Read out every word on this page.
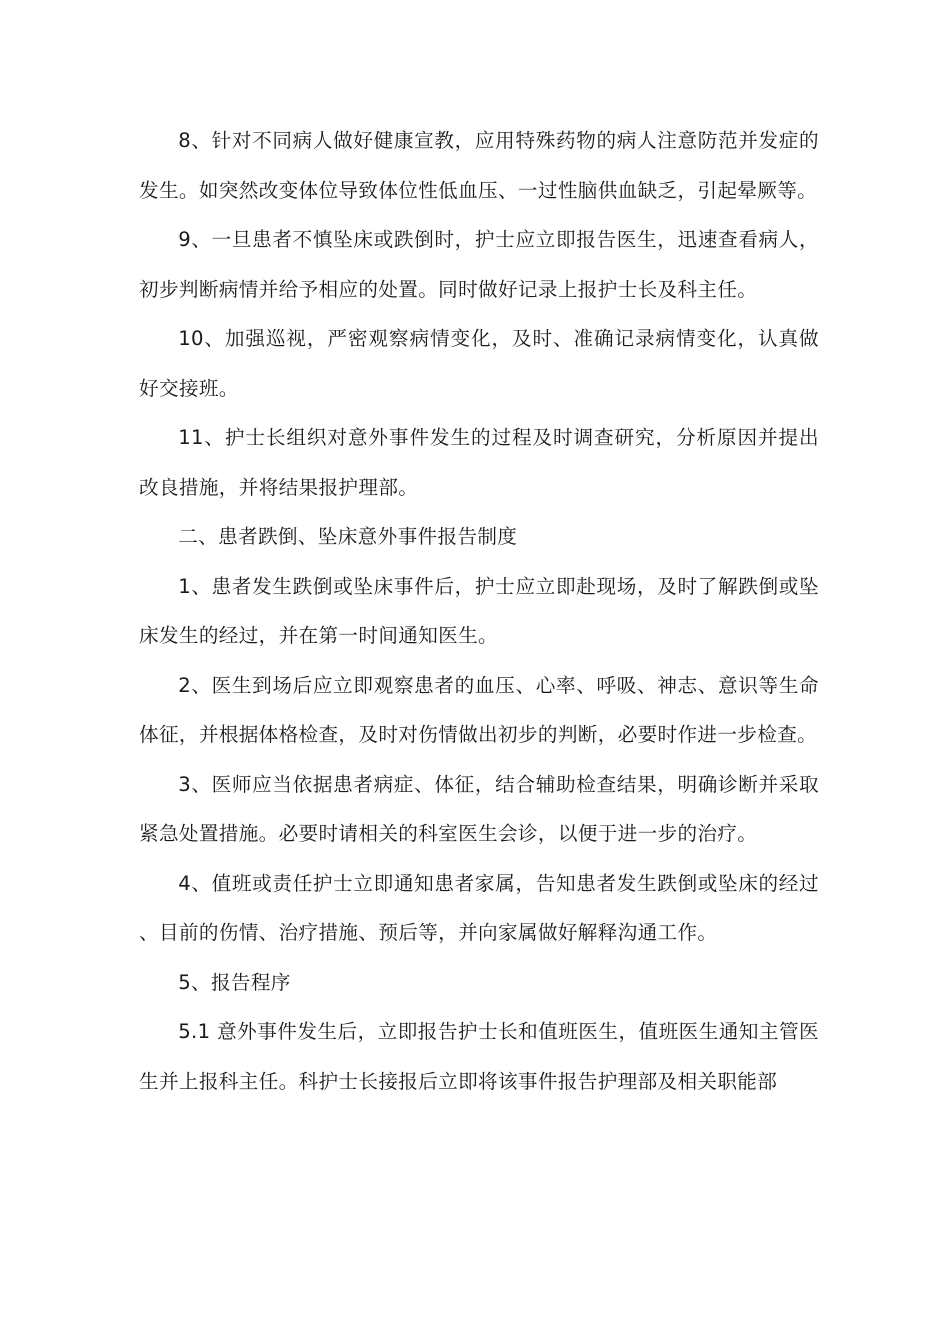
8、针对不同病人做好健康宣教，应用特殊药物的病人注意防范并发症的发生。如突然改变体位导致体位性低血压、一过性脑供血缺乏，引起晕厥等。

9、一旦患者不慎坠床或跌倒时，护士应立即报告医生，迅速查看病人，初步判断病情并给予相应的处置。同时做好记录上报护士长及科主任。

10、加强巡视，严密观察病情变化，及时、准确记录病情变化，认真做好交接班。

11、护士长组织对意外事件发生的过程及时调查研究，分析原因并提出改良措施，并将结果报护理部。

二、患者跌倒、坠床意外事件报告制度

1、患者发生跌倒或坠床事件后，护士应立即赴现场，及时了解跌倒或坠床发生的经过，并在第一时间通知医生。

2、医生到场后应立即观察患者的血压、心率、呼吸、神志、意识等生命体征，并根据体格检查，及时对伤情做出初步的判断，必要时作进一步检查。

3、医师应当依据患者病症、体征，结合辅助检查结果，明确诊断并采取紧急处置措施。必要时请相关的科室医生会诊，以便于进一步的治疗。

4、值班或责任护士立即通知患者家属，告知患者发生跌倒或坠床的经过、目前的伤情、治疗措施、预后等，并向家属做好解释沟通工作。

5、报告程序

5.1 意外事件发生后，立即报告护士长和值班医生，值班医生通知主管医生并上报科主任。科护士长接报后立即将该事件报告护理部及相关职能部
